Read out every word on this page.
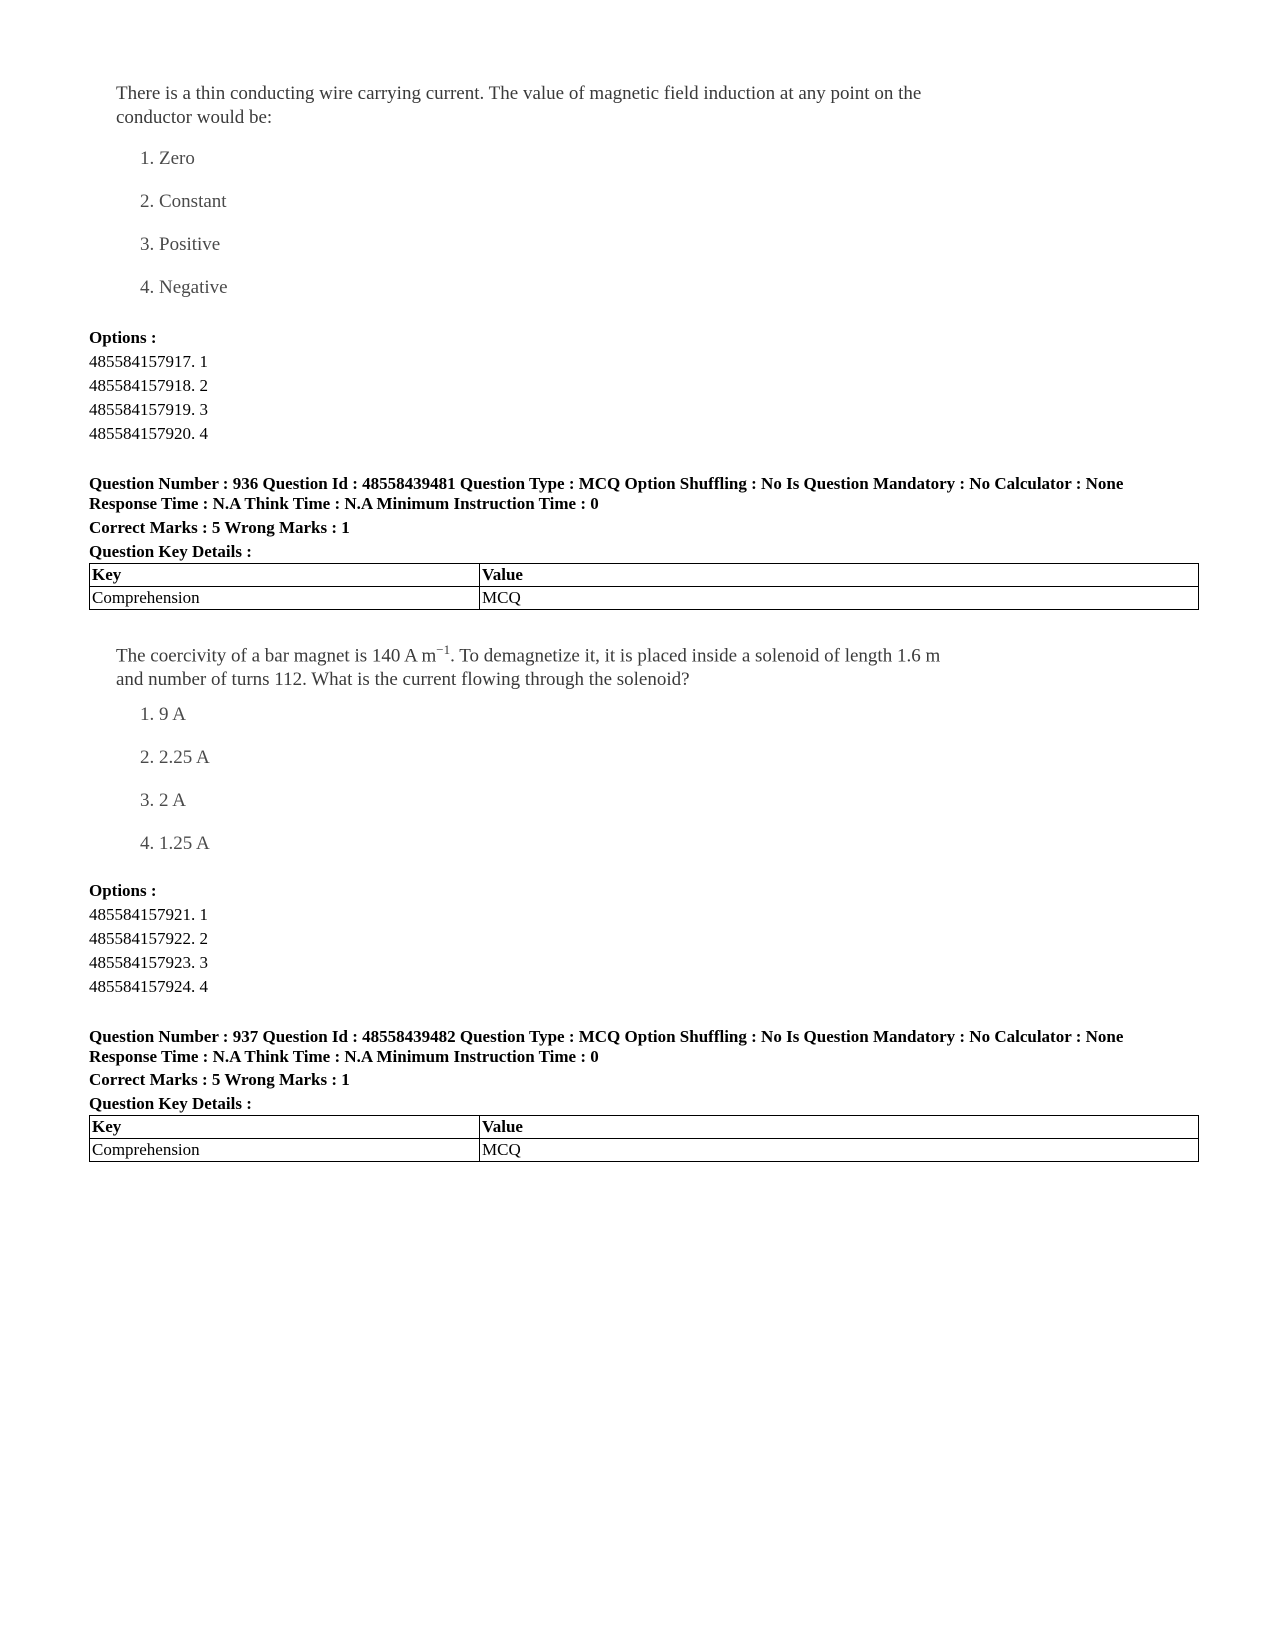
There is a thin conducting wire carrying current. The value of magnetic field induction at any point on the

conductor would be:

1. Zero
2. Constant
3. Positive
4. Negative
Options :
485584157917. 1
485584157918. 2
485584157919. 3
485584157920. 4
Question Number : 936 Question Id : 48558439481 Question Type : MCQ Option Shuffling : No Is Question Mandatory : No Calculator : None
Response Time : N.A Think Time : N.A Minimum Instruction Time : 0
Correct Marks : 5 Wrong Marks : 1
Question Key Details :
Key	Value
Comprehension	MCQ

The coercivity of a bar magnet is 140 A $m^{-1}$. To demagnetize it, it is placed inside a solenoid of length 1.6 m

and number of turns 112. What is the current flowing through the solenoid?

1. 9 A
2. 2.25 A
3. 2 A
4. 1.25 A
Options :
485584157921. 1
485584157922. 2
485584157923. 3
485584157924. 4
Question Number : 937 Question Id : 48558439482 Question Type : MCQ Option Shuffling : No Is Question Mandatory : No Calculator : None
Response Time : N.A Think Time : N.A Minimum Instruction Time : 0
Correct Marks : 5 Wrong Marks : 1
Question Key Details :
Key	Value
Comprehension	MCQ
